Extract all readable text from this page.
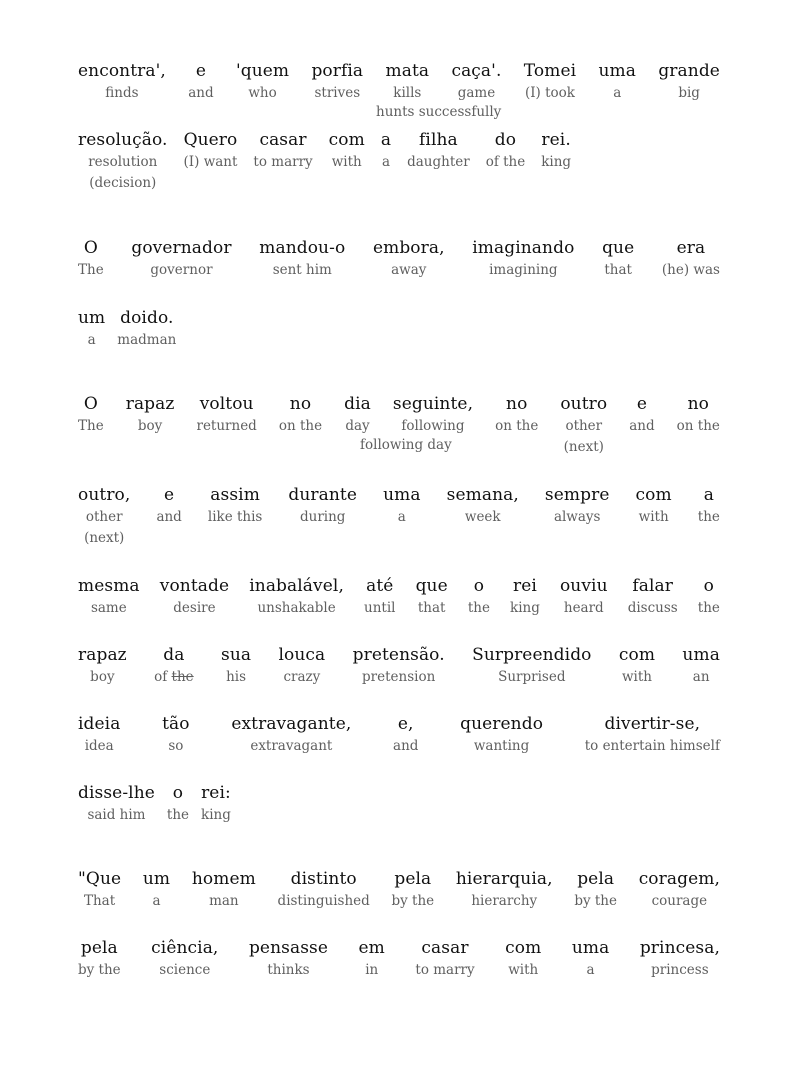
encontra',
finds
e
and
'quem
who
porfia
strives
mata
kills
caça'.
game
Tomei
(I) took
uma
a
grande
big
hunts successfully
resolução.
resolution
(decision)
Quero
(I) want
casar
to marry
com
with
a
a
filha
daughter
do
of the
rei.
king
O
The
governador
governor
mandou-o
sent him
embora,
away
imaginando
imagining
que
that
era
(he) was
um
a
doido.
madman
O
The
rapaz
boy
voltou
returned
no
on the
dia
day
seguinte,
following
no
on the
outro
other
(next)
e
and
no
on the
following day
outro,
other
(next)
e
and
assim
like this
durante
during
uma
a
semana,
week
sempre
always
com
with
a
the
mesma
same
vontade
desire
inabalável,
unshakable
até
until
que
that
o
the
rei
king
ouviu
heard
falar
discuss
o
the
rapaz
boy
da
of the
sua
his
louca
crazy
pretensão.
pretension
Surpreendido
Surprised
com
with
uma
an
ideia
idea
tão
so
extravagante,
extravagant
e,
and
querendo
wanting
divertir-se,
to entertain himself
disse-lhe
said him
o
the
rei:
king
"Que
That
um
a
homem
man
distinto
distinguished
pela
by the
hierarquia,
hierarchy
pela
by the
coragem,
courage
pela
by the
ciência,
science
pensasse
thinks
em
in
casar
to marry
com
with
uma
a
princesa,
princess
